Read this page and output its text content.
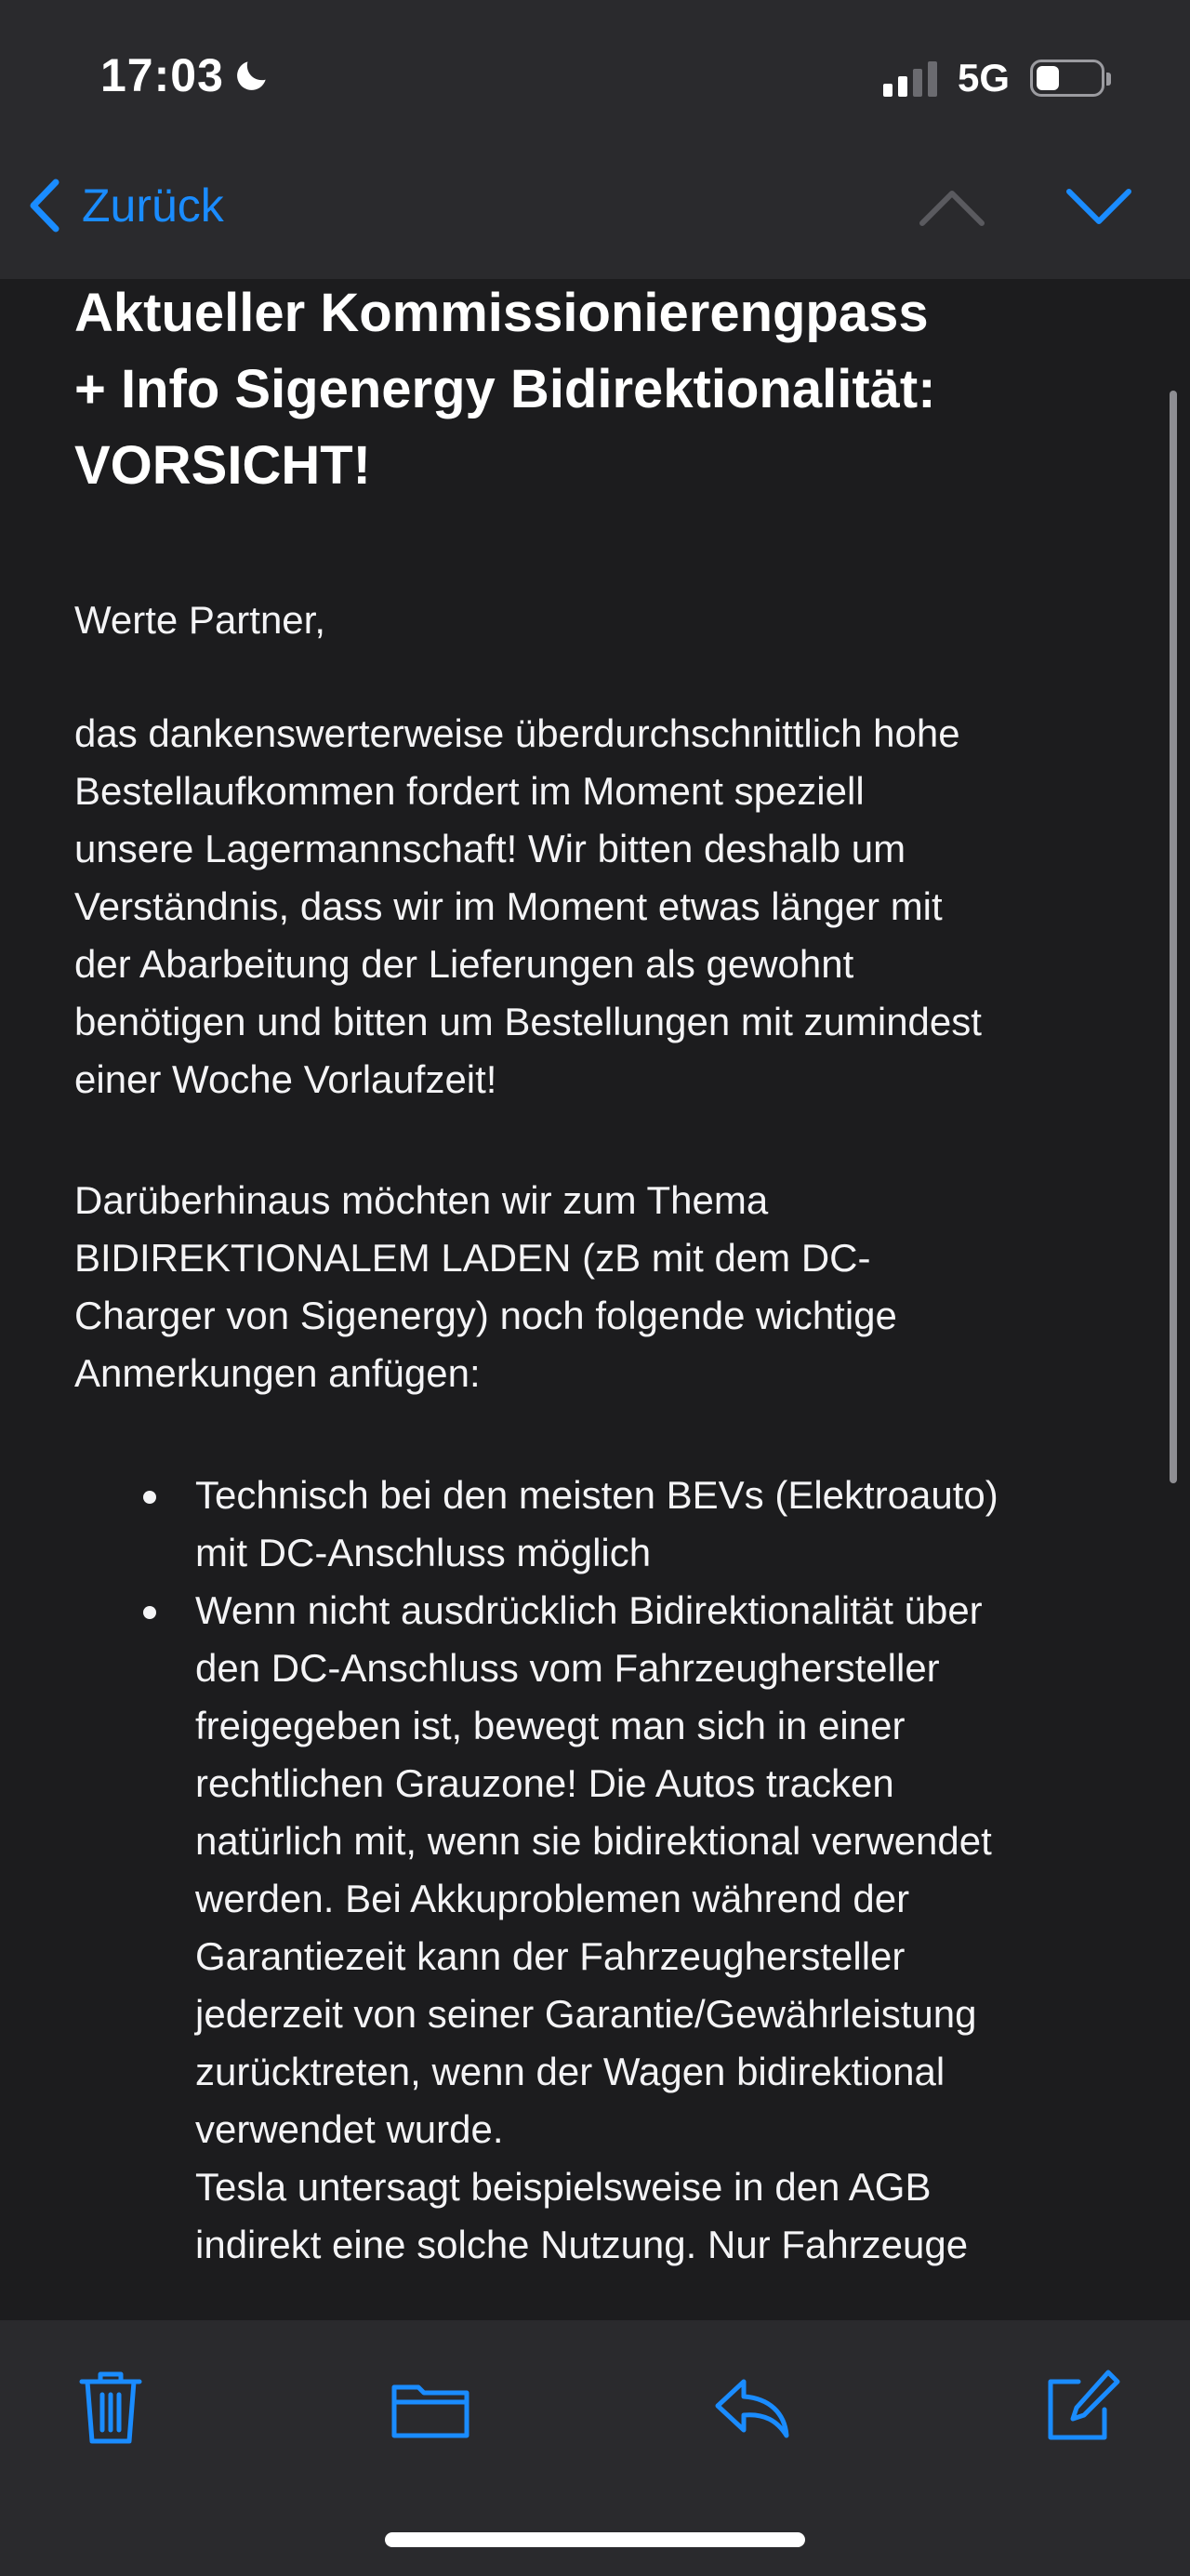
17:03	5G
Zurück
Aktueller Kommissionierengpass
+ Info Sigenergy Bidirektionalität:
VORSICHT!

Werte Partner,

das dankenswerterweise überdurchschnittlich hohe
Bestellaufkommen fordert im Moment speziell
unsere Lagermannschaft! Wir bitten deshalb um
Verständnis, dass wir im Moment etwas länger mit
der Abarbeitung der Lieferungen als gewohnt
benötigen und bitten um Bestellungen mit zumindest
einer Woche Vorlaufzeit!
Darüberhinaus möchten wir zum Thema
BIDIREKTIONALEM LADEN (zB mit dem DC-
Charger von Sigenergy) noch folgende wichtige
Anmerkungen anfügen:
Technisch bei den meisten BEVs (Elektroauto)
mit DC-Anschluss möglich
Wenn nicht ausdrücklich Bidirektionalität über
den DC-Anschluss vom Fahrzeughersteller
freigegeben ist, bewegt man sich in einer
rechtlichen Grauzone! Die Autos tracken
natürlich mit, wenn sie bidirektional verwendet
werden. Bei Akkuproblemen während der
Garantiezeit kann der Fahrzeughersteller
jederzeit von seiner Garantie/Gewährleistung
zurücktreten, wenn der Wagen bidirektional
verwendet wurde.
Tesla untersagt beispielsweise in den AGB
indirekt eine solche Nutzung. Nur Fahrzeuge
